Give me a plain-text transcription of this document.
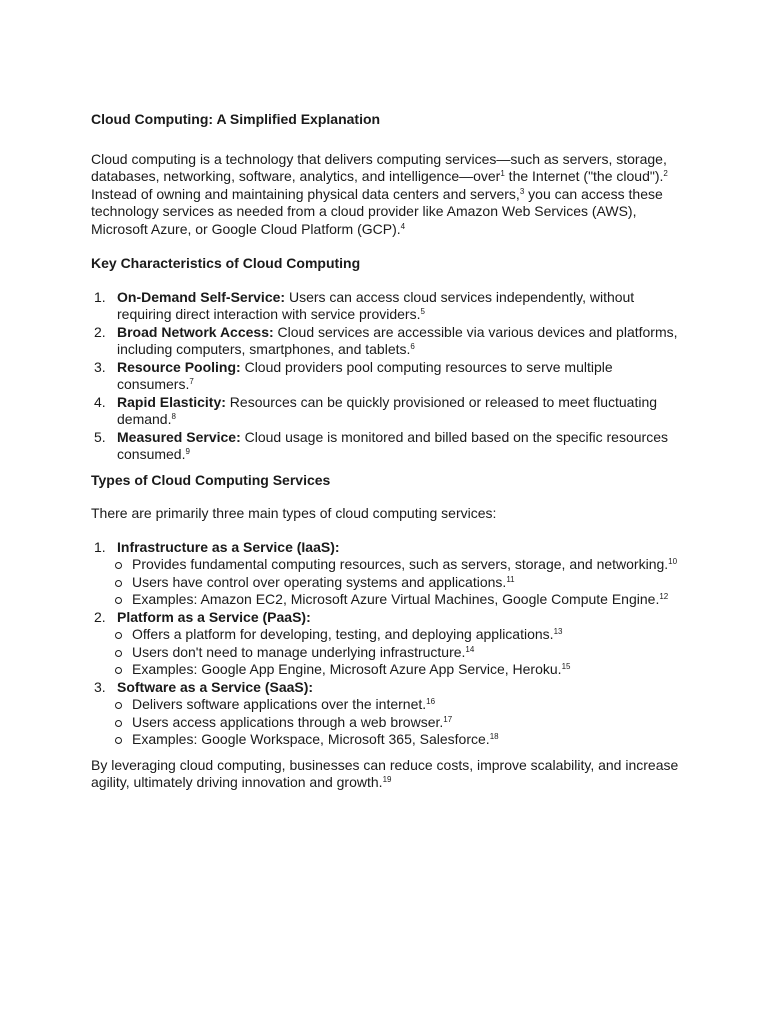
Cloud Computing: A Simplified Explanation

Cloud computing is a technology that delivers computing services—such as servers, storage, databases, networking, software, analytics, and intelligence—over$^1$ the Internet ("the cloud").$^2$ Instead of owning and maintaining physical data centers and servers,$^3$ you can access these technology services as needed from a cloud provider like Amazon Web Services (AWS), Microsoft Azure, or Google Cloud Platform (GCP).$^4$

Key Characteristics of Cloud Computing

1. On-Demand Self-Service: Users can access cloud services independently, without requiring direct interaction with service providers.$^5$
2. Broad Network Access: Cloud services are accessible via various devices and platforms, including computers, smartphones, and tablets.$^6$
3. Resource Pooling: Cloud providers pool computing resources to serve multiple consumers.$^7$
4. Rapid Elasticity: Resources can be quickly provisioned or released to meet fluctuating demand.$^8$
5. Measured Service: Cloud usage is monitored and billed based on the specific resources consumed.$^9$

Types of Cloud Computing Services

There are primarily three main types of cloud computing services:

1. Infrastructure as a Service (IaaS):
Provides fundamental computing resources, such as servers, storage, and networking.$^{10}$
Users have control over operating systems and applications.$^{11}$
Examples: Amazon EC2, Microsoft Azure Virtual Machines, Google Compute Engine.$^{12}$
2. Platform as a Service (PaaS):
Offers a platform for developing, testing, and deploying applications.$^{13}$
Users don't need to manage underlying infrastructure.$^{14}$
Examples: Google App Engine, Microsoft Azure App Service, Heroku.$^{15}$
3. Software as a Service (SaaS):
Delivers software applications over the internet.$^{16}$
Users access applications through a web browser.$^{17}$
Examples: Google Workspace, Microsoft 365, Salesforce.$^{18}$

By leveraging cloud computing, businesses can reduce costs, improve scalability, and increase agility, ultimately driving innovation and growth.$^{19}$
